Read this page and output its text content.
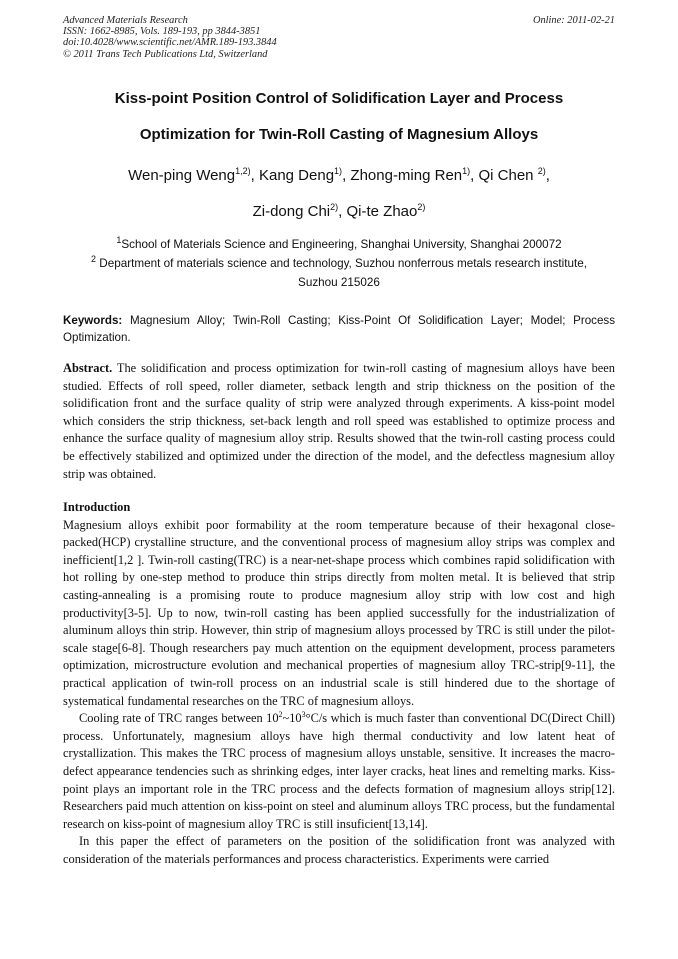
Advanced Materials Research
ISSN: 1662-8985, Vols. 189-193, pp 3844-3851
doi:10.4028/www.scientific.net/AMR.189-193.3844
© 2011 Trans Tech Publications Ltd, Switzerland
Online: 2011-02-21
Kiss-point Position Control of Solidification Layer and Process
Optimization for Twin-Roll Casting of Magnesium Alloys
Wen-ping Weng$^{1,2)}$, Kang Deng$^{1)}$, Zhong-ming Ren$^{1)}$, Qi Chen $^{2)}$,
Zi-dong Chi$^{2)}$, Qi-te Zhao$^{2)}$
$^1$School of Materials Science and Engineering, Shanghai University, Shanghai 200072
$^2$ Department of materials science and technology, Suzhou nonferrous metals research institute,
Suzhou 215026
Keywords: Magnesium Alloy; Twin-Roll Casting; Kiss-Point Of Solidification Layer; Model; Process Optimization.

Abstract. The solidification and process optimization for twin-roll casting of magnesium alloys have been studied. Effects of roll speed, roller diameter, setback length and strip thickness on the position of the solidification front and the surface quality of strip were analyzed through experiments. A kiss-point model which considers the strip thickness, set-back length and roll speed was established to optimize process and enhance the surface quality of magnesium alloy strip. Results showed that the twin-roll casting process could be effectively stabilized and optimized under the direction of the model, and the defectless magnesium alloy strip was obtained.

Introduction

Magnesium alloys exhibit poor formability at the room temperature because of their hexagonal close-packed(HCP) crystalline structure, and the conventional process of magnesium alloy strips was complex and inefficient[1,2 ]. Twin-roll casting(TRC) is a near-net-shape process which combines rapid solidification with hot rolling by one-step method to produce thin strips directly from molten metal. It is believed that strip casting-annealing is a promising route to produce magnesium alloy strip with low cost and high productivity[3-5]. Up to now, twin-roll casting has been applied successfully for the industrialization of aluminum alloys thin strip. However, thin strip of magnesium alloys processed by TRC is still under the pilot-scale stage[6-8]. Though researchers pay much attention on the equipment development, process parameters optimization, microstructure evolution and mechanical properties of magnesium alloy TRC-strip[9-11], the practical application of twin-roll process on an industrial scale is still hindered due to the shortage of systematical fundamental researches on the TRC of magnesium alloys.

Cooling rate of TRC ranges between $10^2\sim 10^3^\circ C/s$ which is much faster than conventional DC(Direct Chill) process. Unfortunately, magnesium alloys have high thermal conductivity and low latent heat of crystallization. This makes the TRC process of magnesium alloys unstable, sensitive. It increases the macro-defect appearance tendencies such as shrinking edges, inter layer cracks, heat lines and remelting marks. Kiss-point plays an important role in the TRC process and the defects formation of magnesium alloys strip[12]. Researchers paid much attention on kiss-point on steel and aluminum alloys TRC process, but the fundamental research on kiss-point of magnesium alloy TRC is still insuficient[13,14].

In this paper the effect of parameters on the position of the solidification front was analyzed with consideration of the materials performances and process characteristics. Experiments were carried
